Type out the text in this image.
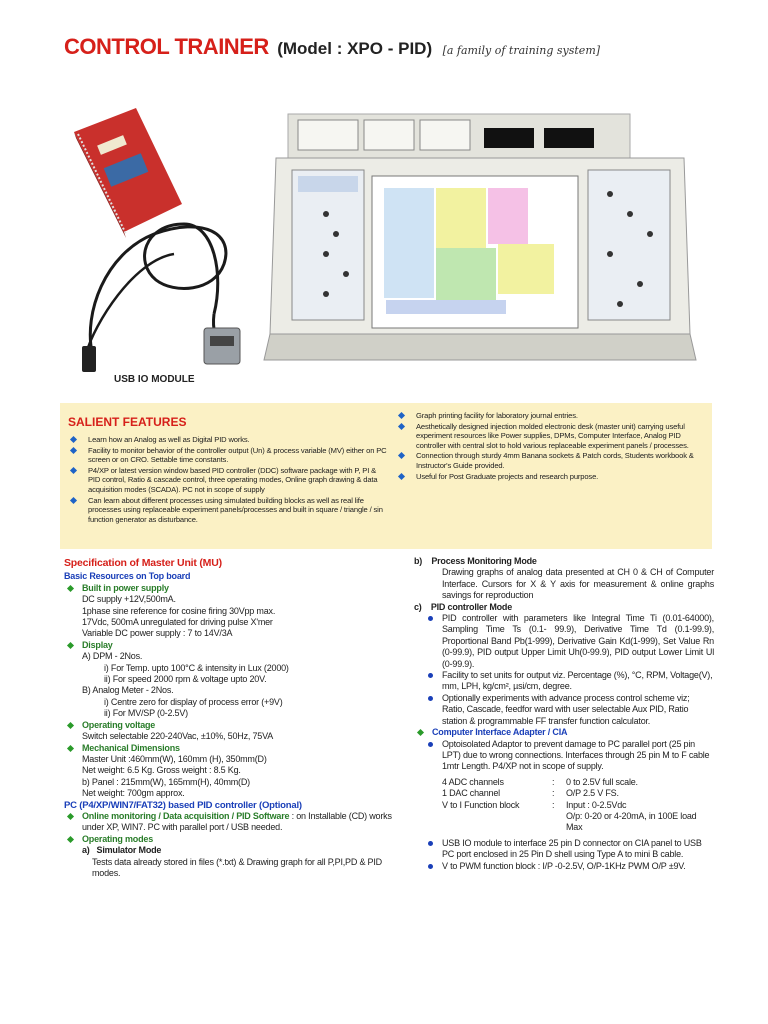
CONTROL TRAINER (Model : XPO - PID) [a family of training system]
USB IO MODULE
SALIENT FEATURES
Learn how an Analog as well as Digital PID works.
Facility to monitor behavior of the controller output (Un) & process variable (MV) either on PC screen or on CRO. Settable time constants.
P4/XP or latest version window based PID controller (DDC) software package with P, PI & PID control, Ratio & cascade control, three operating modes, Online graph drawing & data acquisition modes (SCADA). PC not in scope of supply
Can learn about different processes using simulated building blocks as well as real life processes using replaceable experiment panels/processes and built in square / triangle / sin function generator as disturbance.
Graph printing facility for laboratory journal entries.
Aesthetically designed injection molded electronic desk (master unit) carrying useful experiment resources like Power supplies, DPMs, Computer Interface, Analog PID controller with central slot to hold various replaceable experiment panels / processes.
Connection through sturdy 4mm Banana sockets & Patch cords, Students workbook & Instructor's Guide provided.
Useful for Post Graduate projects and research purpose.
Specification of Master Unit (MU)
Basic Resources on Top board
Built in power supply
DC supply +12V,500mA.
1phase sine reference for cosine firing 30Vpp max.
17Vdc, 500mA unregulated for driving pulse X'mer
Variable DC power supply : 7 to 14V/3A
Display
A) DPM - 2Nos.
i) For Temp. upto 100°C & intensity in Lux (2000)
ii) For speed 2000 rpm & voltage upto 20V.
B) Analog Meter - 2Nos.
i) Centre zero for display of process error (+9V)
ii) For MV/SP (0-2.5V)
Operating voltage
Switch selectable 220-240Vac, ±10%, 50Hz, 75VA
Mechanical Dimensions
Master Unit :460mm(W), 160mm (H), 350mm(D)
Net weight: 6.5 Kg. Gross weight : 8.5 Kg.
b) Panel : 215mm(W), 165mm(H), 40mm(D)
Net weight: 700gm approx.
PC (P4/XP/WIN7/FAT32) based PID controller (Optional)
Online monitoring / Data acquisition / PID Software : on Installable (CD) works under XP, WIN7. PC with parallel port / USB needed.
Operating modes
a) Simulator Mode
Tests data already stored in files (*.txt) & Drawing graph for all P,PI,PD & PID modes.
b) Process Monitoring Mode
Drawing graphs of analog data presented at CH 0 & CH of Computer Interface. Cursors for X & Y axis for measurement & online graphs savings for reproduction
c) PID controller Mode
PID controller with parameters like Integral Time Ti (0.01-64000), Sampling Time Ts (0.1- 99.9), Derivative Time Td (0.1-99.9), Proportional Band Pb(1-999), Derivative Gain Kd(1-999), Set Value Rn (0-99.9), PID output Upper Limit Uh(0-99.9), PID output Lower Limit Ul (0-99.9).
Facility to set units for output viz. Percentage (%), °C, RPM, Voltage(V), mm, LPH, kg/cm², µsi/cm, degree.
Optionally experiments with advance process control scheme viz; Ratio, Cascade, feedfor ward with user selectable Aux PID, Ratio station & programmable FF transfer function calculator.
Computer Interface Adapter / CIA
Optoisolated Adaptor to prevent damage to PC parallel port (25 pin LPT) due to wrong connections. Interfaces through 25 pin M to F cable 1mtr Length. P4/XP not in scope of supply.
4 ADC channels	:	0 to 2.5V full scale.
1 DAC channel	:	O/P 2.5 V FS.
V to I Function block	:	Input : 0-2.5Vdc
O/p: 0-20 or 4-20mA, in 100E load Max
USB IO module to interface 25 pin D connector on CIA panel to USB PC port enclosed in 25 Pin D shell using Type A to mini B cable.
V to PWM function block : I/P -0-2.5V, O/P-1KHz PWM O/P ±9V.
